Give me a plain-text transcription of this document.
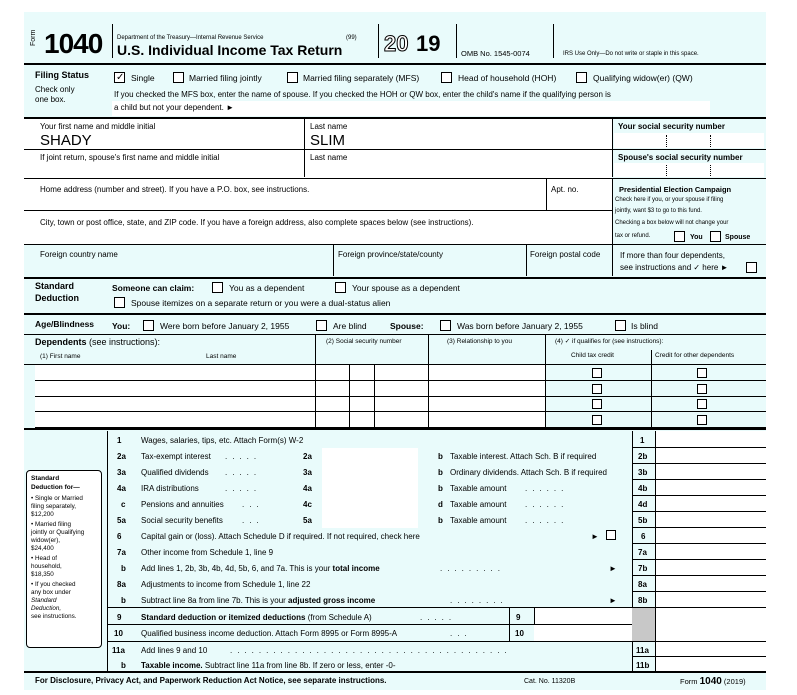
Form 1040 Department of the Treasury—Internal Revenue Service	(99)
U.S. Individual Income Tax Return 20 19	OMB No. 1545-0074	IRS Use Only—Do not write or staple in this space.
Filing Status
Check only
one box.
✓ Single	Married filing jointly	Married filing separately (MFS)	Head of household (HOH)	Qualifying widow(er) (QW)
If you checked the MFS box, enter the name of spouse. If you checked the HOH or QW box, enter the child's name if the qualifying person is
a child but not your dependent. ►
Your first name and middle initial
SHADY
Last name
SLIM
Your social security number
If joint return, spouse's first name and middle initial	Last name	Spouse's social security number
Home address (number and street). If you have a P.O. box, see instructions.	Apt. no.
City, town or post office, state, and ZIP code. If you have a foreign address, also complete spaces below (see instructions).
Foreign country name	Foreign province/state/county	Foreign postal code
Presidential Election Campaign
Check here if you, or your spouse if filing
jointly, want $3 to go to this fund.
Checking a box below will not change your
tax or refund.	You	Spouse
If more than four dependents,
see instructions and ✓ here ►
Standard
Deduction
Someone can claim:	You as a dependent	Your spouse as a dependent
Spouse itemizes on a separate return or you were a dual-status alien
Age/Blindness You:	Were born before January 2, 1955	Are blind	Spouse:	Was born before January 2, 1955	Is blind
Dependents (see instructions):
(1) First name	Last name
(2) Social security number	(3) Relationship to you	(4) ✓ if qualifies for (see instructions):
Child tax credit	Credit for other dependents
Standard
Deduction for—
• Single or Married
filing separately,
$12,200
• Married filing
jointly or Qualifying
widow(er),
$24,400
• Head of
household,
$18,350
• If you checked
any box under
Standard
Deduction,
see instructions.
1 Wages, salaries, tips, etc. Attach Form(s) W-2	1
2a Tax-exempt interest .....	2a	b Taxable interest. Attach Sch. B if required	2b
3a Qualified dividends .....	3a	b Ordinary dividends. Attach Sch. B if required	3b
4a IRA distributions	.....	4a	b Taxable amount ......	4b
c Pensions and annuities ...	4c	d Taxable amount ......	4d
5a Social security benefits ...	5a	b Taxable amount ......	5b
6 Capital gain or (loss). Attach Schedule D if required. If not required, check here	►	6
7a Other income from Schedule 1, line 9	7a
b Add lines 1, 2b, 3b, 4b, 4d, 5b, 6, and 7a. This is your total income	.........	►	7b
8a Adjustments to income from Schedule 1, line 22	8a
b Subtract line 8a from line 7b. This is your adjusted gross income	........	►	8b
9 Standard deduction or itemized deductions (from Schedule A)	.....	9
10 Qualified business income deduction. Attach Form 8995 or Form 8995-A	...	10
11a Add lines 9 and 10	.......................................	11a
b Taxable income. Subtract line 11a from line 8b. If zero or less, enter -0-	11b
For Disclosure, Privacy Act, and Paperwork Reduction Act Notice, see separate instructions.	Cat. No. 11320B	Form 1040 (2019)
